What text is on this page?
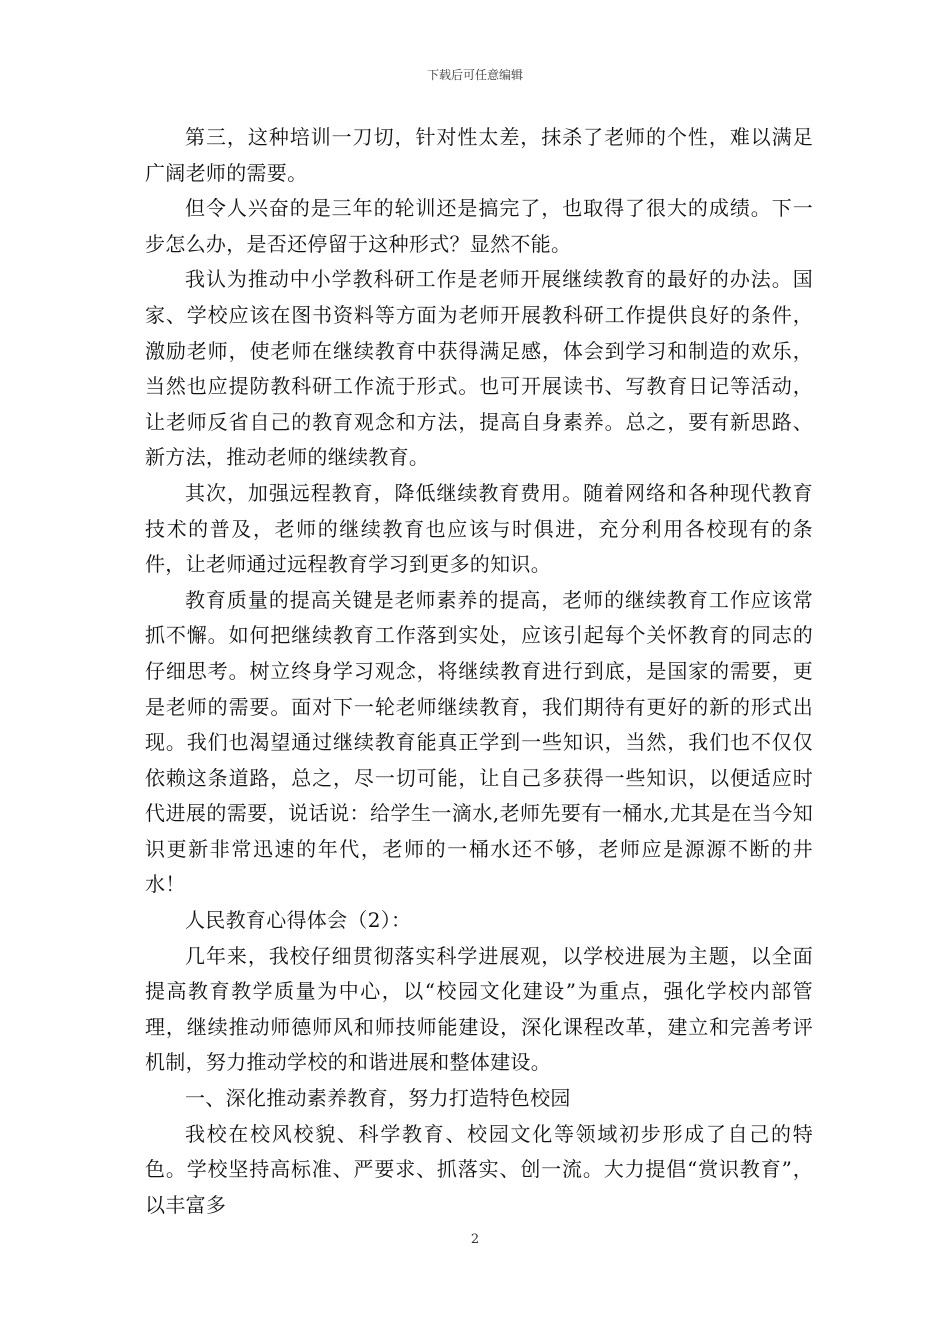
下载后可任意编辑

第三，这种培训一刀切，针对性太差，抹杀了老师的个性，难以满足广阔老师的需要。

但令人兴奋的是三年的轮训还是搞完了，也取得了很大的成绩。下一步怎么办，是否还停留于这种形式？显然不能。

我认为推动中小学教科研工作是老师开展继续教育的最好的办法。国家、学校应该在图书资料等方面为老师开展教科研工作提供良好的条件，激励老师，使老师在继续教育中获得满足感，体会到学习和制造的欢乐，当然也应提防教科研工作流于形式。也可开展读书、写教育日记等活动，让老师反省自己的教育观念和方法，提高自身素养。总之，要有新思路、新方法，推动老师的继续教育。

其次，加强远程教育，降低继续教育费用。随着网络和各种现代教育技术的普及，老师的继续教育也应该与时俱进，充分利用各校现有的条件，让老师通过远程教育学习到更多的知识。

教育质量的提高关键是老师素养的提高，老师的继续教育工作应该常抓不懈。如何把继续教育工作落到实处，应该引起每个关怀教育的同志的仔细思考。树立终身学习观念，将继续教育进行到底，是国家的需要，更是老师的需要。面对下一轮老师继续教育，我们期待有更好的新的形式出现。我们也渴望通过继续教育能真正学到一些知识，当然，我们也不仅仅依赖这条道路，总之，尽一切可能，让自己多获得一些知识，以便适应时代进展的需要，说话说：给学生一滴水,老师先要有一桶水,尤其是在当今知识更新非常迅速的年代，老师的一桶水还不够，老师应是源源不断的井水！

人民教育心得体会（2）：

几年来，我校仔细贯彻落实科学进展观，以学校进展为主题，以全面提高教育教学质量为中心，以“校园文化建设”为重点，强化学校内部管理，继续推动师德师风和师技师能建设，深化课程改革，建立和完善考评机制，努力推动学校的和谐进展和整体建设。

一、深化推动素养教育，努力打造特色校园

我校在校风校貌、科学教育、校园文化等领域初步形成了自己的特色。学校坚持高标准、严要求、抓落实、创一流。大力提倡“赏识教育”，以丰富多

2
